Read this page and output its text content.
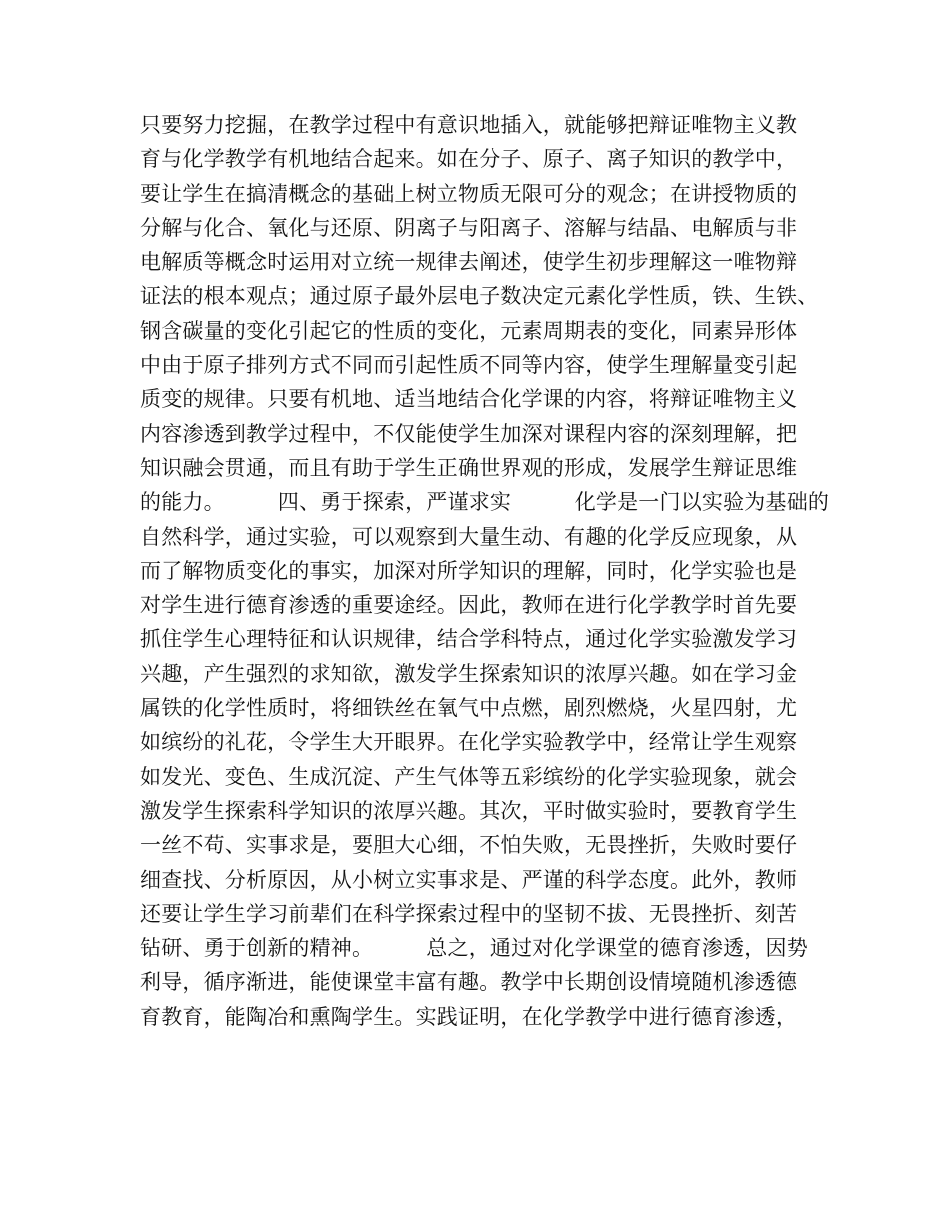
只要努力挖掘，在教学过程中有意识地插入，就能够把辩证唯物主义教
育与化学教学有机地结合起来。如在分子、原子、离子知识的教学中，
要让学生在搞清概念的基础上树立物质无限可分的观念；在讲授物质的
分解与化合、氧化与还原、阴离子与阳离子、溶解与结晶、电解质与非
电解质等概念时运用对立统一规律去阐述，使学生初步理解这一唯物辩
证法的根本观点；通过原子最外层电子数决定元素化学性质，铁、生铁、
钢含碳量的变化引起它的性质的变化，元素周期表的变化，同素异形体
中由于原子排列方式不同而引起性质不同等内容，使学生理解量变引起
质变的规律。只要有机地、适当地结合化学课的内容，将辩证唯物主义
内容渗透到教学过程中，不仅能使学生加深对课程内容的深刻理解，把
知识融会贯通，而且有助于学生正确世界观的形成，发展学生辩证思维
的能力。　　　四、勇于探索，严谨求实　　　化学是一门以实验为基础的
自然科学，通过实验，可以观察到大量生动、有趣的化学反应现象，从
而了解物质变化的事实，加深对所学知识的理解，同时，化学实验也是
对学生进行德育渗透的重要途经。因此，教师在进行化学教学时首先要
抓住学生心理特征和认识规律，结合学科特点，通过化学实验激发学习
兴趣，产生强烈的求知欲，激发学生探索知识的浓厚兴趣。如在学习金
属铁的化学性质时，将细铁丝在氧气中点燃，剧烈燃烧，火星四射，尤
如缤纷的礼花，令学生大开眼界。在化学实验教学中，经常让学生观察
如发光、变色、生成沉淀、产生气体等五彩缤纷的化学实验现象，就会
激发学生探索科学知识的浓厚兴趣。其次，平时做实验时，要教育学生
一丝不苟、实事求是，要胆大心细，不怕失败，无畏挫折，失败时要仔
细查找、分析原因，从小树立实事求是、严谨的科学态度。此外，教师
还要让学生学习前辈们在科学探索过程中的坚韧不拔、无畏挫折、刻苦
钻研、勇于创新的精神。　　　总之，通过对化学课堂的德育渗透，因势
利导，循序渐进，能使课堂丰富有趣。教学中长期创设情境随机渗透德
育教育，能陶冶和熏陶学生。实践证明，在化学教学中进行德育渗透，
